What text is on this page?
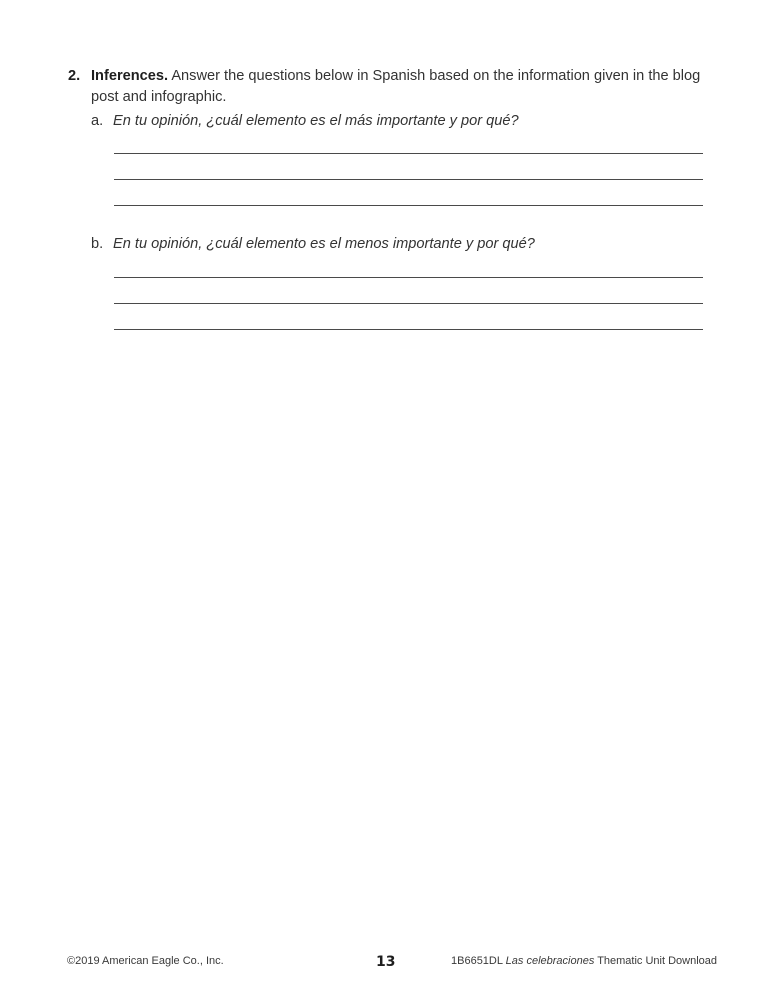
2. Inferences. Answer the questions below in Spanish based on the information given in the blog post and infographic.
a. En tu opinión, ¿cuál elemento es el más importante y por qué?
b. En tu opinión, ¿cuál elemento es el menos importante y por qué?
©2019 American Eagle Co., Inc.	13	1B6651DL Las celebraciones Thematic Unit Download
